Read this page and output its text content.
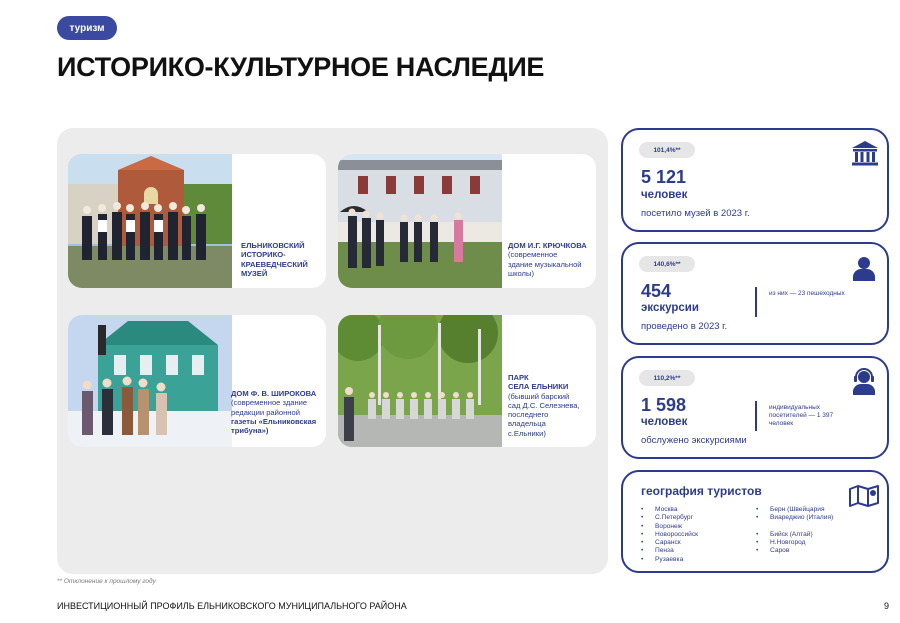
туризм
ИСТОРИКО-КУЛЬТУРНОЕ НАСЛЕДИЕ
ЕЛЬНИКОВСКИЙ
ИСТОРИКО-
КРАЕВЕДЧЕСКИЙ
МУЗЕЙ
ДОМ И.Г. КРЮЧКОВА
(современное
здание музыкальной
школы)
ДОМ Ф. В. ШИРОКОВА
(современное здание
редакции районной
газеты «Ельниковская
трибуна»)
ПАРК
СЕЛА ЕЛЬНИКИ
(бывший барский
сад Д.С. Селезнева,
последнего
владельца
с.Ельники)
101,4%**
5 121
человек
посетило музей в 2023 г.
140,6%**
454
экскурсии
проведено в 2023 г.
из них — 23 пешеходных
110,2%**
1 598
человек
обслужено экскурсиями
индивидуальных
посетителей — 1 397
человек
география туристов
• Москва
• С.Петербург
• Воронеж
• Новороссийск
• Саранск
• Пенза
• Рузаевка
• Берн (Швейцария
• Виареджио (Италия)
• Бийск (Алтай)
• Н.Новгород
• Саров
** Отклонение к прошлому году
ИНВЕСТИЦИОННЫЙ ПРОФИЛЬ ЕЛЬНИКОВСКОГО МУНИЦИПАЛЬНОГО РАЙОНА	9
